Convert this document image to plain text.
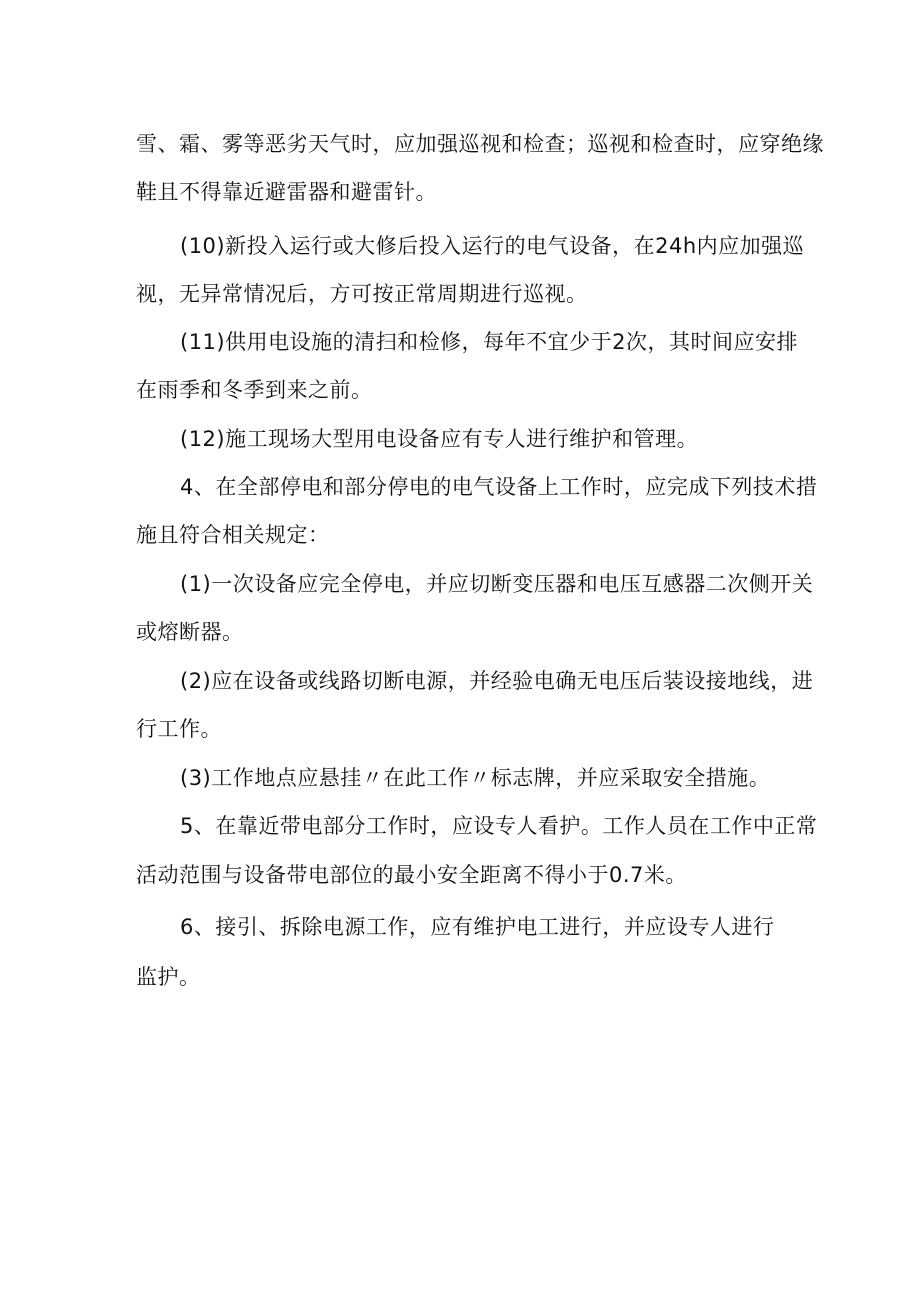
雪、霜、雾等恶劣天气时，应加强巡视和检查；巡视和检查时，应穿绝缘
鞋且不得靠近避雷器和避雷针。
(10)新投入运行或大修后投入运行的电气设备，在24h内应加强巡
视，无异常情况后，方可按正常周期进行巡视。
(11)供用电设施的清扫和检修，每年不宜少于2次，其时间应安排
在雨季和冬季到来之前。
(12)施工现场大型用电设备应有专人进行维护和管理。
4、在全部停电和部分停电的电气设备上工作时，应完成下列技术措
施且符合相关规定：
(1)一次设备应完全停电，并应切断变压器和电压互感器二次侧开关
或熔断器。
(2)应在设备或线路切断电源，并经验电确无电压后装设接地线，进
行工作。
(3)工作地点应悬挂〃在此工作〃标志牌，并应采取安全措施。
5、在靠近带电部分工作时，应设专人看护。工作人员在工作中正常
活动范围与设备带电部位的最小安全距离不得小于0.7米。
6、接引、拆除电源工作，应有维护电工进行，并应设专人进行
监护。
